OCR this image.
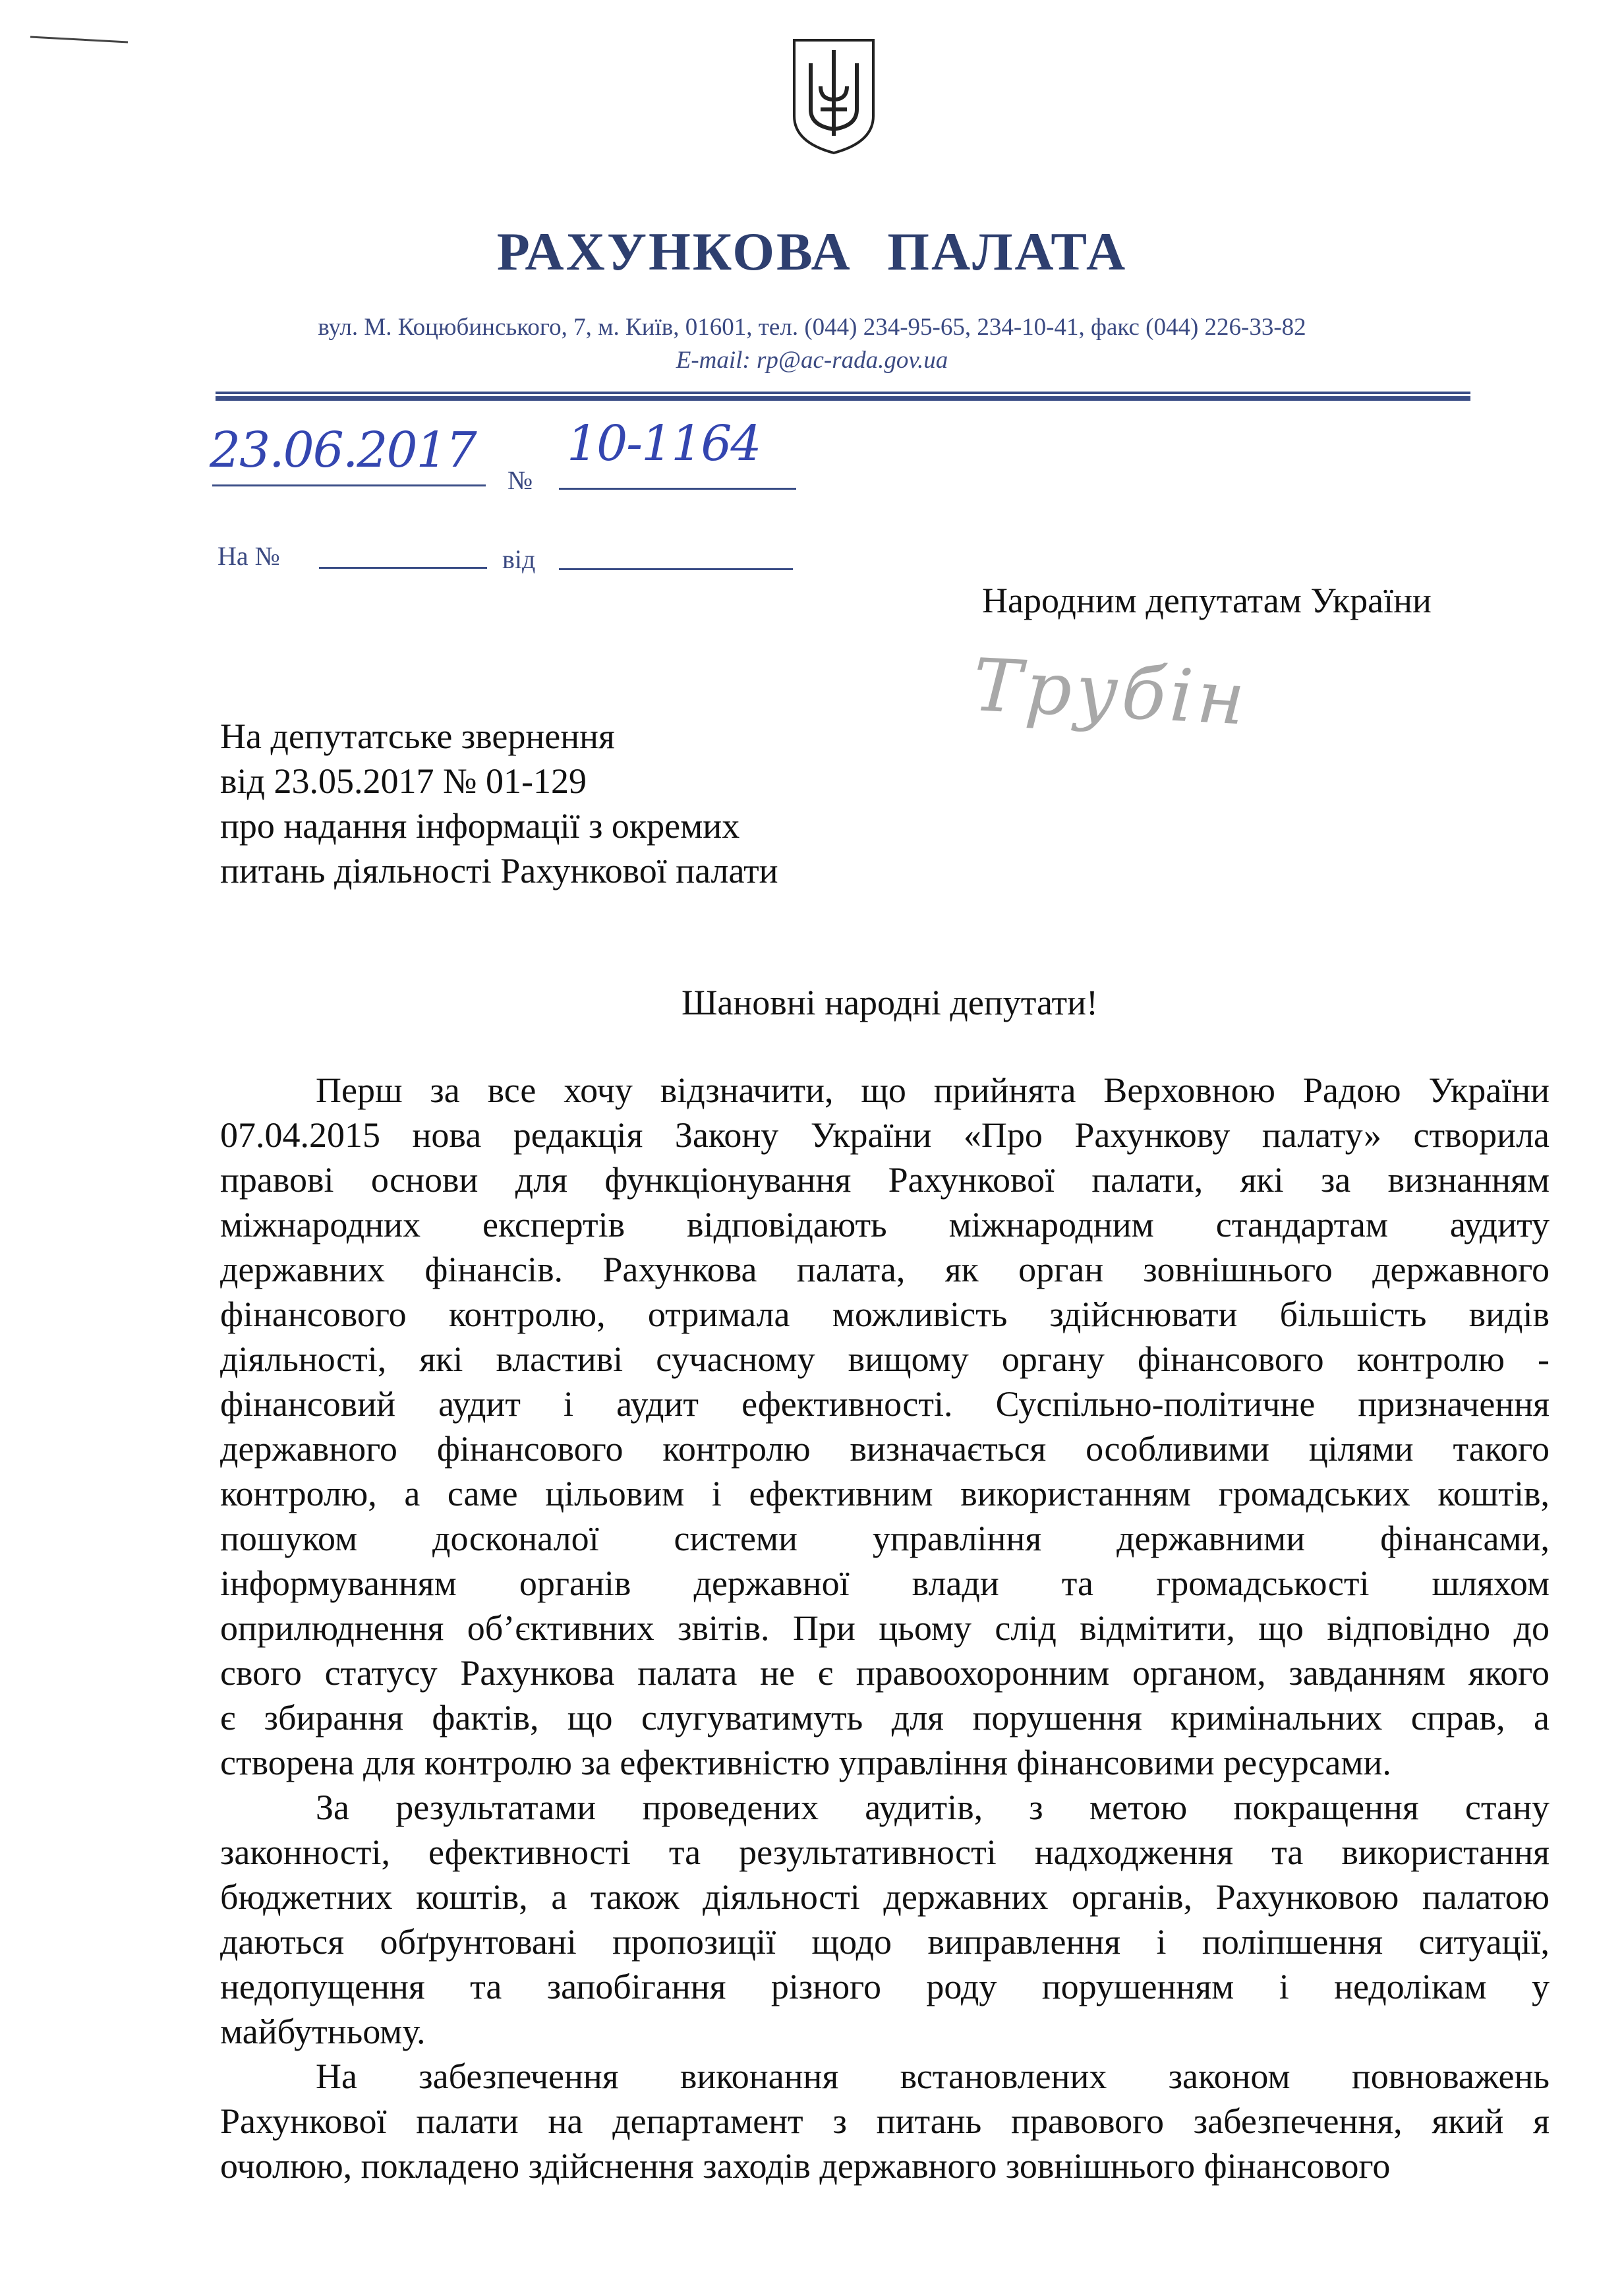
РАХУНКОВА ПАЛАТА
вул. М. Коцюбинського, 7, м. Київ, 01601, тел. (044) 234-95-65, 234-10-41, факс (044) 226-33-82
E-mail: rp@ac-rada.gov.ua
23.06.2017
№
10-1164
На №	від
Народним депутатам України
Трубін
На депутатське звернення
від 23.05.2017 № 01-129
про надання інформації з окремих
питань діяльності Рахункової палати
Шановні народні депутати!
Перш за все хочу відзначити, що прийнята Верховною Радою України
07.04.2015 нова редакція Закону України «Про Рахункову палату» створила
правові основи для функціонування Рахункової палати, які за визнанням
міжнародних експертів відповідають міжнародним стандартам аудиту
державних фінансів. Рахункова палата, як орган зовнішнього державного
фінансового контролю, отримала можливість здійснювати більшість видів
діяльності, які властиві сучасному вищому органу фінансового контролю -
фінансовий аудит і аудит ефективності. Суспільно-політичне призначення
державного фінансового контролю визначається особливими цілями такого
контролю, а саме цільовим і ефективним використанням громадських коштів,
пошуком досконалої системи управління державними фінансами,
інформуванням органів державної влади та громадськості шляхом
оприлюднення об’єктивних звітів. При цьому слід відмітити, що відповідно до
свого статусу Рахункова палата не є правоохоронним органом, завданням якого
є збирання фактів, що слугуватимуть для порушення кримінальних справ, а
створена для контролю за ефективністю управління фінансовими ресурсами.
За результатами проведених аудитів, з метою покращення стану
законності, ефективності та результативності надходження та використання
бюджетних коштів, а також діяльності державних органів, Рахунковою палатою
даються обґрунтовані пропозиції щодо виправлення і поліпшення ситуації,
недопущення та запобігання різного роду порушенням і недолікам у
майбутньому.
На забезпечення виконання встановлених законом повноважень
Рахункової палати на департамент з питань правового забезпечення, який я
очолюю, покладено здійснення заходів державного зовнішнього фінансового
